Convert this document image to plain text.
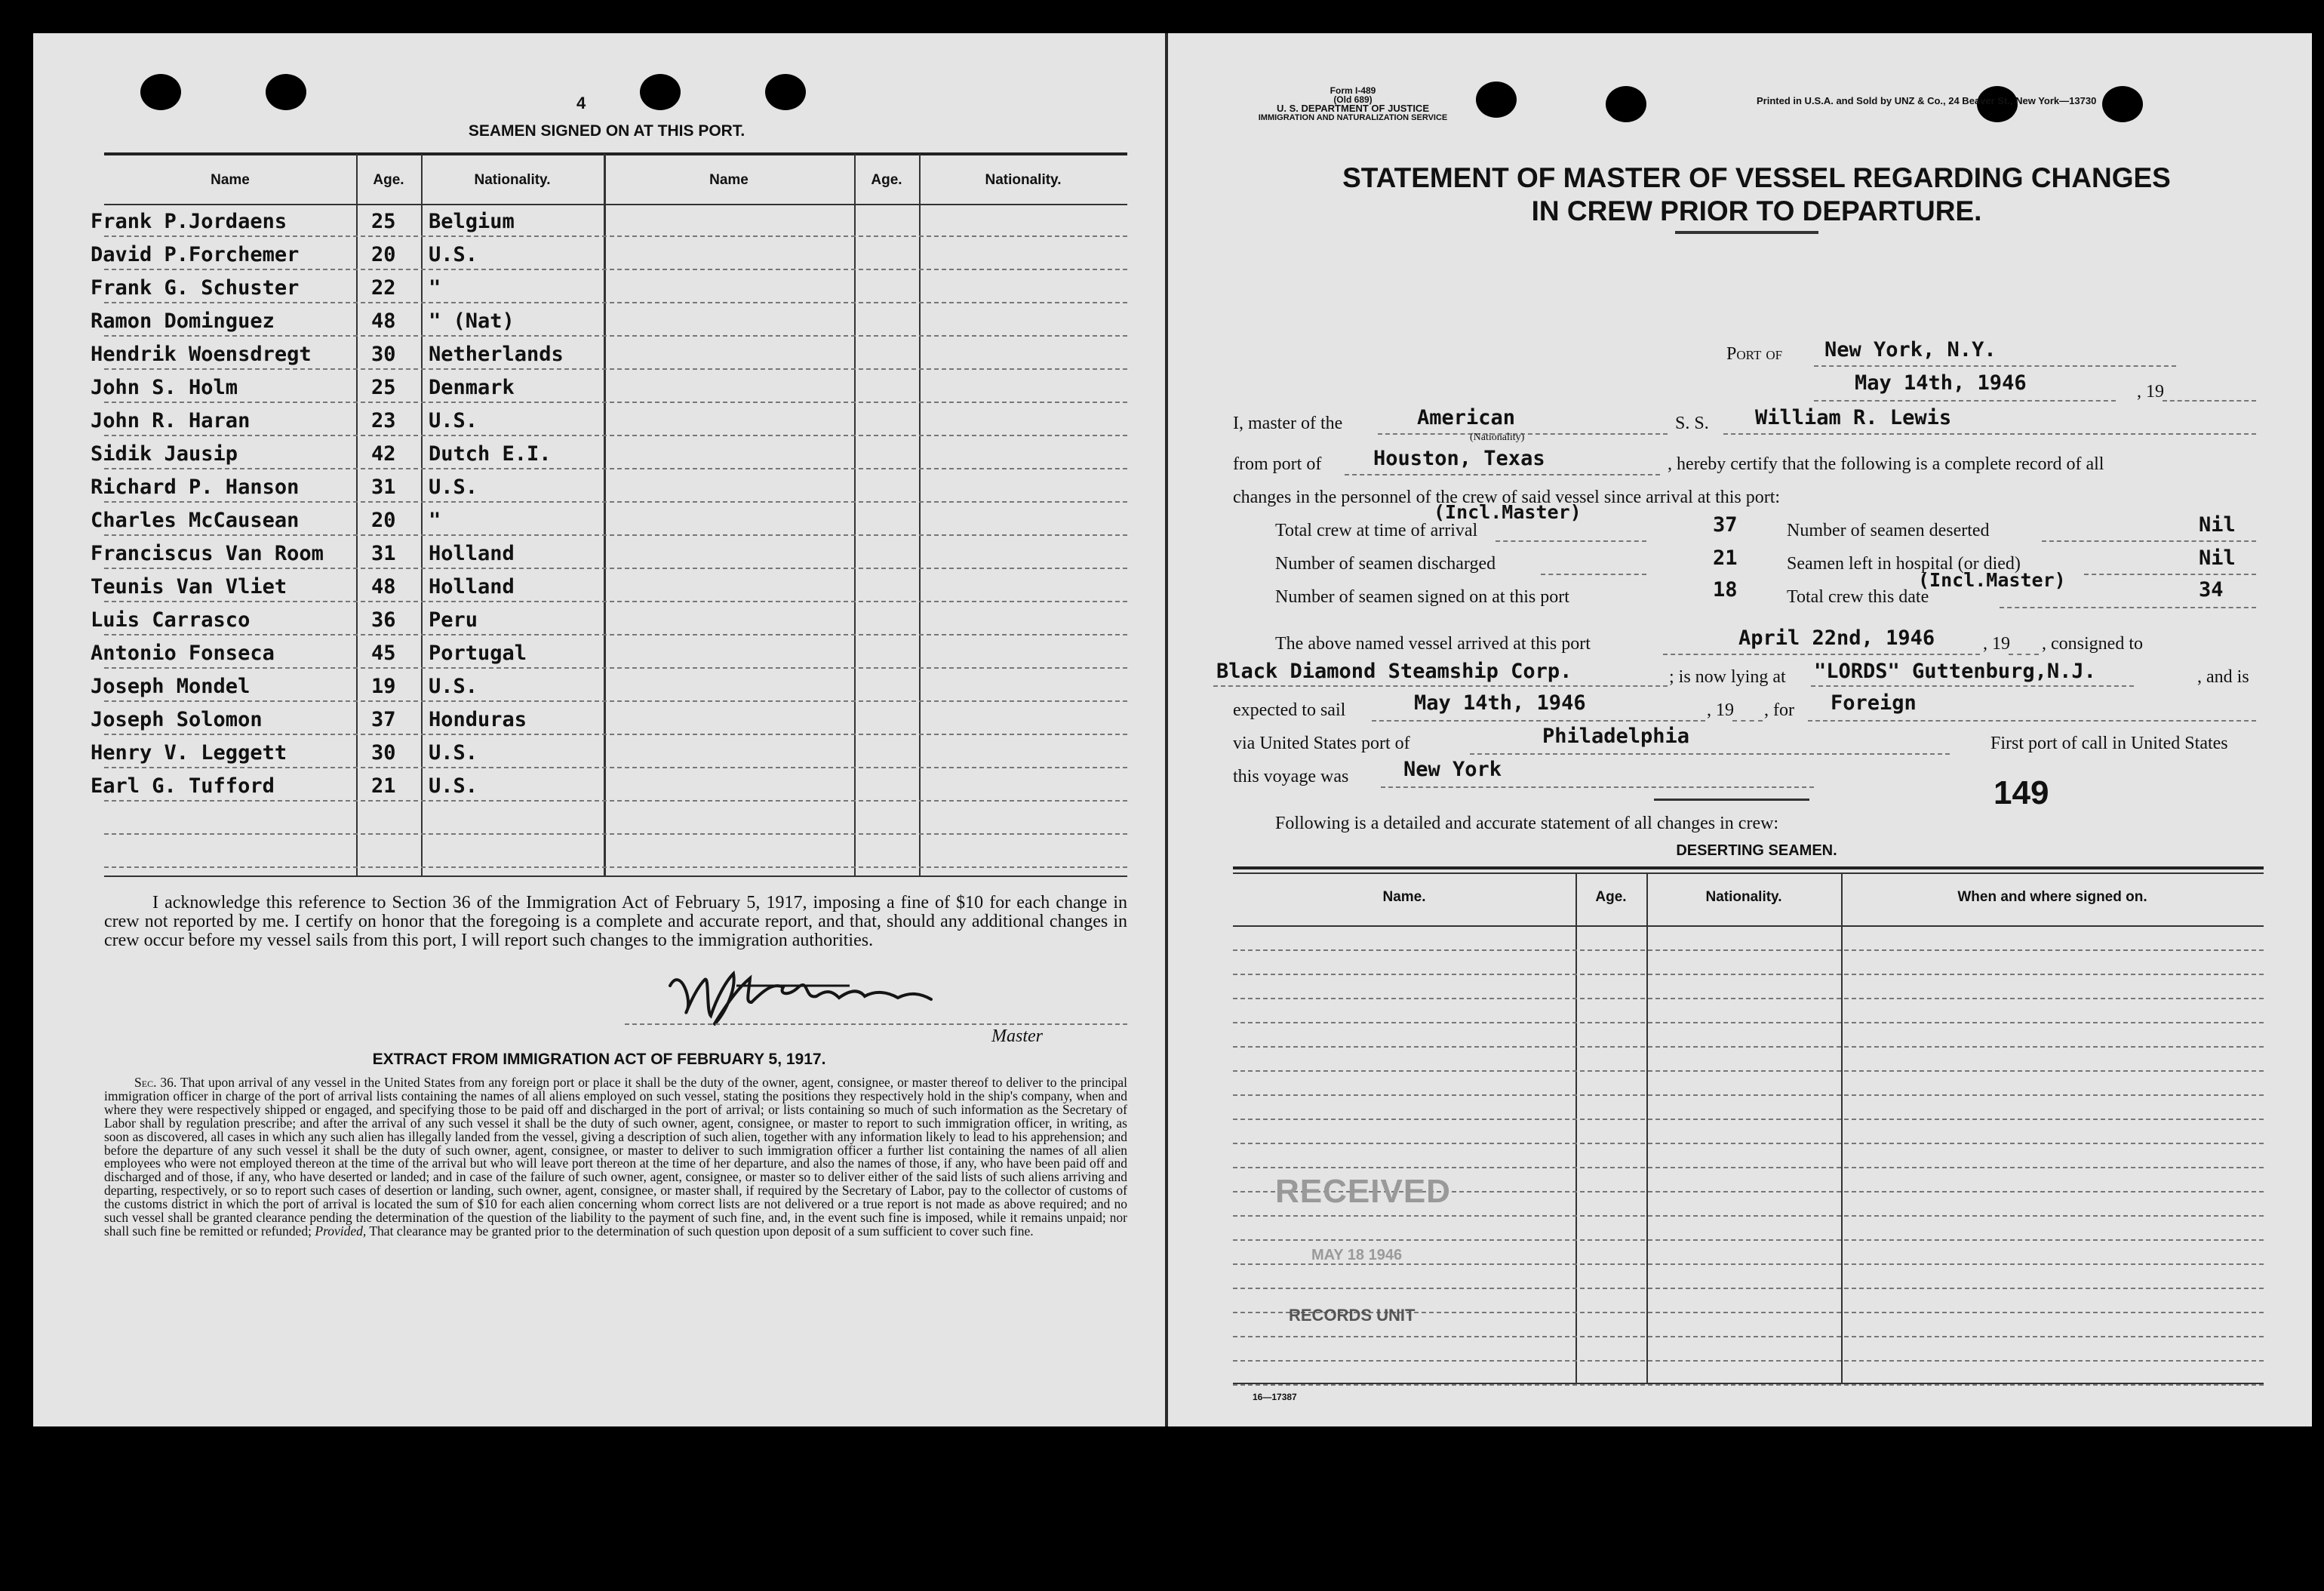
4
SEAMEN SIGNED ON AT THIS PORT.
Name	Age.	Nationality.	Name	Age.	Nationality.
Frank P.Jordaens	25 Belgium
David P.Forchemer	20 U.S.
Frank G. Schuster	22 "
Ramon Dominguez	48 " (Nat)
Hendrik Woensdregt	30 Netherlands
John S. Holm	25 Denmark
John R. Haran	23 U.S.
Sidik Jausip	42 Dutch E.I.
Richard P. Hanson	31 U.S.
Charles McCausean	20 "
Franciscus Van Room 31 Holland
Teunis Van Vliet	48 Holland
Luis Carrasco	36 Peru
Antonio Fonseca	45 Portugal
Joseph Mondel	19 U.S.
Joseph Solomon	37 Honduras
Henry V. Leggett	30 U.S.
Earl G. Tufford	21 U.S.
I acknowledge this reference to Section 36 of the Immigration Act of February 5, 1917, imposing a fine of $10 for each change in crew not reported by me. I certify on honor that the foregoing is a complete and accurate report, and that, should any additional changes in crew occur before my vessel sails from this port, I will report such changes to the immigration authorities.
Master
EXTRACT FROM IMMIGRATION ACT OF FEBRUARY 5, 1917.
Sec. 36. That upon arrival of any vessel in the United States from any foreign port or place it shall be the duty of the owner, agent, consignee, or master thereof to deliver to the principal immigration officer in charge of the port of arrival lists containing the names of all aliens employed on such vessel, stating the positions they respectively hold in the ship's company, when and where they were respectively shipped or engaged, and specifying those to be paid off and discharged in the port of arrival; or lists containing so much of such information as the Secretary of Labor shall by regulation prescribe; and after the arrival of any such vessel it shall be the duty of such owner, agent, consignee, or master to report to such immigration officer, in writing, as soon as discovered, all cases in which any such alien has illegally landed from the vessel, giving a description of such alien, together with any information likely to lead to his apprehension; and before the departure of any such vessel it shall be the duty of such owner, agent, consignee, or master to deliver to such immigration officer a further list containing the names of all alien employees who were not employed thereon at the time of the arrival but who will leave port thereon at the time of her departure, and also the names of those, if any, who have been paid off and discharged and of those, if any, who have deserted or landed; and in case of the failure of such owner, agent, consignee, or master so to deliver either of the said lists of such aliens arriving and departing, respectively, or so to report such cases of desertion or landing, such owner, agent, consignee, or master shall, if required by the Secretary of Labor, pay to the collector of customs of the customs district in which the port of arrival is located the sum of $10 for each alien concerning whom correct lists are not delivered or a true report is not made as above required; and no such vessel shall be granted clearance pending the determination of the question of the liability to the payment of such fine, and, in the event such fine is imposed, while it remains unpaid; nor shall such fine be remitted or refunded; Provided, That clearance may be granted prior to the determination of such question upon deposit of a sum sufficient to cover such fine.
Form I-489
(Old 689)
U. S. DEPARTMENT OF JUSTICE
IMMIGRATION AND NATURALIZATION SERVICE
Printed in U.S.A. and Sold by UNZ & Co., 24 Beaver St., New York—13730
STATEMENT OF MASTER OF VESSEL REGARDING CHANGES
IN CREW PRIOR TO DEPARTURE.
Port of New York, N.Y.
May 14th, 1946	, 19
I, master of the	American
(Nationality)
S. S. William R. Lewis
from port of	Houston, Texas	, hereby certify that the following is a complete record of all
changes in the personnel of the crew of said vessel since arrival at this port:
Total crew at time of arrival
(Incl.Master)
37	Number of seamen deserted	Nil
Number of seamen discharged	21	Seamen left in hospital (or died)	Nil
Number of seamen signed on at this port	18	Total crew this date
(Incl.Master)	34
The above named vessel arrived at this port	April 22nd, 1946	, 19 , consigned to
Black Diamond Steamship Corp.	; is now lying at "LORDS" Guttenburg,N.J.	, and is
expected to sail	May 14th, 1946	, 19 , for Foreign
via United States port of	Philadelphia	First port of call in United States
this voyage was	New York
149
Following is a detailed and accurate statement of all changes in crew:
DESERTING SEAMEN.
Name.	Age.	Nationality.	When and where signed on.
RECEIVED
MAY 18 1946
RECORDS UNIT
16—17387
